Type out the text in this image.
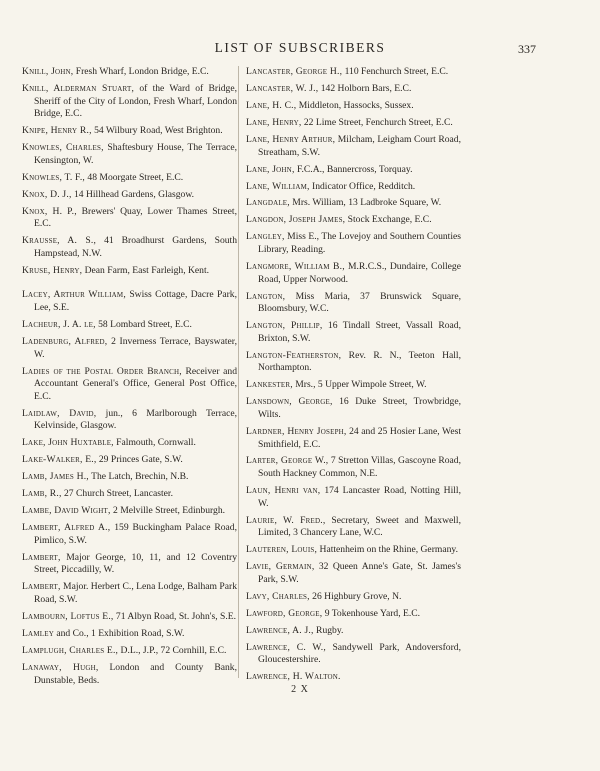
LIST OF SUBSCRIBERS	337

Knill, John, Fresh Wharf, London Bridge, E.C.

Knill, Alderman Stuart, of the Ward of Bridge, Sheriff of the City of London, Fresh Wharf, London Bridge, E.C.

Knipe, Henry R., 54 Wilbury Road, West Brighton.

Knowles, Charles, Shaftesbury House, The Terrace, Kensington, W.

Knowles, T. F., 48 Moorgate Street, E.C.

Knox, D. J., 14 Hillhead Gardens, Glasgow.

Knox, H. P., Brewers' Quay, Lower Thames Street, E.C.

Krausse, A. S., 41 Broadhurst Gardens, South Hampstead, N.W.

Kruse, Henry, Dean Farm, East Farleigh, Kent.

Lacey, Arthur William, Swiss Cottage, Dacre Park, Lee, S.E.

Lacheur, J. A. le, 58 Lombard Street, E.C.

Ladenburg, Alfred, 2 Inverness Terrace, Bayswater, W.

Ladies of the Postal Order Branch, Receiver and Accountant General's Office, General Post Office, E.C.

Laidlaw, David, jun., 6 Marlborough Terrace, Kelvinside, Glasgow.

Lake, John Huxtable, Falmouth, Cornwall.

Lake-Walker, E., 29 Princes Gate, S.W.

Lamb, James H., The Latch, Brechin, N.B.

Lamb, R., 27 Church Street, Lancaster.

Lambe, David Wight, 2 Melville Street, Edinburgh.

Lambert, Alfred A., 159 Buckingham Palace Road, Pimlico, S.W.

Lambert, Major George, 10, 11, and 12 Coventry Street, Piccadilly, W.

Lambert, Major. Herbert C., Lena Lodge, Balham Park Road, S.W.

Lambourn, Loftus E., 71 Albyn Road, St. John's, S.E.

Lamley and Co., 1 Exhibition Road, S.W.

Lamplugh, Charles E., D.L., J.P., 72 Cornhill, E.C.

Lanaway, Hugh, London and County Bank, Dunstable, Beds.

Lancaster, George H., 110 Fenchurch Street, E.C.

Lancaster, W. J., 142 Holborn Bars, E.C.

Lane, H. C., Middleton, Hassocks, Sussex.

Lane, Henry, 22 Lime Street, Fenchurch Street, E.C.

Lane, Henry Arthur, Milcham, Leigham Court Road, Streatham, S.W.

Lane, John, F.C.A., Bannercross, Torquay.

Lane, William, Indicator Office, Redditch.

Langdale, Mrs. William, 13 Ladbroke Square, W.

Langdon, Joseph James, Stock Exchange, E.C.

Langley, Miss E., The Lovejoy and Southern Counties Library, Reading.

Langmore, William B., M.R.C.S., Dundaire, College Road, Upper Norwood.

Langton, Miss Maria, 37 Brunswick Square, Bloomsbury, W.C.

Langton, Phillip, 16 Tindall Street, Vassall Road, Brixton, S.W.

Langton-Featherston, Rev. R. N., Teeton Hall, Northampton.

Lankester, Mrs., 5 Upper Wimpole Street, W.

Lansdown, George, 16 Duke Street, Trowbridge, Wilts.

Lardner, Henry Joseph, 24 and 25 Hosier Lane, West Smithfield, E.C.

Larter, George W., 7 Stretton Villas, Gascoyne Road, South Hackney Common, N.E.

Laun, Henri van, 174 Lancaster Road, Notting Hill, W.

Laurie, W. Fred., Secretary, Sweet and Maxwell, Limited, 3 Chancery Lane, W.C.

Lauteren, Louis, Hattenheim on the Rhine, Germany.

Lavie, Germain, 32 Queen Anne's Gate, St. James's Park, S.W.

Lavy, Charles, 26 Highbury Grove, N.

Lawford, George, 9 Tokenhouse Yard, E.C.

Lawrence, A. J., Rugby.

Lawrence, C. W., Sandywell Park, Andoversford, Gloucestershire.

Lawrence, H. Walton.

2 X
